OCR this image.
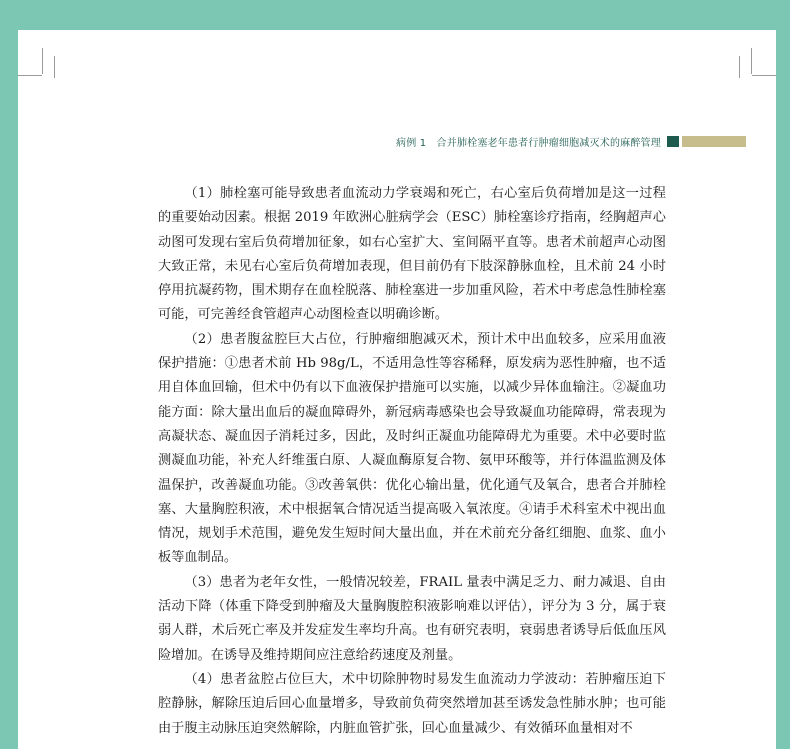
病例 1　合并肺栓塞老年患者行肿瘤细胞减灭术的麻醉管理

（1）肺栓塞可能导致患者血流动力学衰竭和死亡，右心室后负荷增加是这一过程的重要始动因素。根据 2019 年欧洲心脏病学会（ESC）肺栓塞诊疗指南，经胸超声心动图可发现右室后负荷增加征象，如右心室扩大、室间隔平直等。患者术前超声心动图大致正常，未见右心室后负荷增加表现，但目前仍有下肢深静脉血栓，且术前 24 小时停用抗凝药物，围术期存在血栓脱落、肺栓塞进一步加重风险，若术中考虑急性肺栓塞可能，可完善经食管超声心动图检查以明确诊断。

（2）患者腹盆腔巨大占位，行肿瘤细胞减灭术，预计术中出血较多，应采用血液保护措施：①患者术前 Hb 98g/L，不适用急性等容稀释，原发病为恶性肿瘤，也不适用自体血回输，但术中仍有以下血液保护措施可以实施，以减少异体血输注。②凝血功能方面：除大量出血后的凝血障碍外，新冠病毒感染也会导致凝血功能障碍，常表现为高凝状态、凝血因子消耗过多，因此，及时纠正凝血功能障碍尤为重要。术中必要时监测凝血功能，补充人纤维蛋白原、人凝血酶原复合物、氨甲环酸等，并行体温监测及体温保护，改善凝血功能。③改善氧供：优化心输出量，优化通气及氧合，患者合并肺栓塞、大量胸腔积液，术中根据氧合情况适当提高吸入氧浓度。④请手术科室术中视出血情况，规划手术范围，避免发生短时间大量出血，并在术前充分备红细胞、血浆、血小板等血制品。

（3）患者为老年女性，一般情况较差，FRAIL 量表中满足乏力、耐力减退、自由活动下降（体重下降受到肿瘤及大量胸腹腔积液影响难以评估），评分为 3 分，属于衰弱人群，术后死亡率及并发症发生率均升高。也有研究表明，衰弱患者诱导后低血压风险增加。在诱导及维持期间应注意给药速度及剂量。

（4）患者盆腔占位巨大，术中切除肿物时易发生血流动力学波动：若肿瘤压迫下腔静脉，解除压迫后回心血量增多，导致前负荷突然增加甚至诱发急性肺水肿；也可能由于腹主动脉压迫突然解除，内脏血管扩张，回心血量减少、有效循环血量相对不
